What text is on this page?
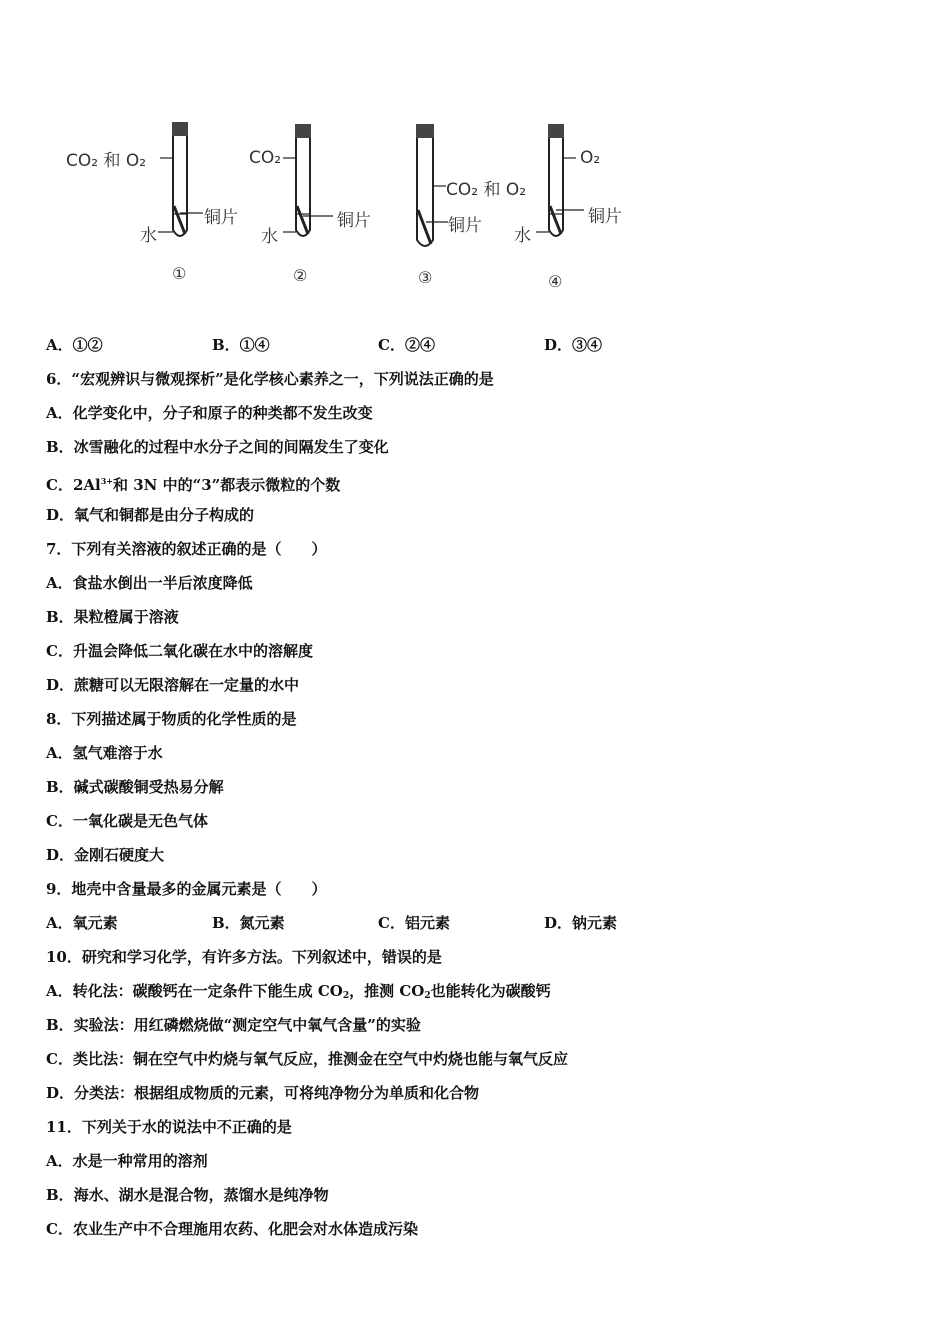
CO₂ 和 O₂
铜片
水
①
CO₂
铜片
水
②
CO₂ 和 O₂
铜片
③
O₂
铜片
水
④
A．①②	B．①④	C．②④	D．③④
6．“宏观辨识与微观探析”是化学核心素养之一，下列说法正确的是
A．化学变化中，分子和原子的种类都不发生改变
B．冰雪融化的过程中水分子之间的间隔发生了变化
C．$2Al^{3+}$和 3N 中的“3”都表示微粒的个数
D．氧气和铜都是由分子构成的
7．下列有关溶液的叙述正确的是（　　）
A．食盐水倒出一半后浓度降低
B．果粒橙属于溶液
C．升温会降低二氧化碳在水中的溶解度
D．蔗糖可以无限溶解在一定量的水中
8．下列描述属于物质的化学性质的是
A．氢气难溶于水
B．碱式碳酸铜受热易分解
C．一氧化碳是无色气体
D．金刚石硬度大
9．地壳中含量最多的金属元素是（　　）
A．氧元素	B．氮元素	C．铝元素	D．钠元素
10．研究和学习化学，有许多方法。下列叙述中，错误的是
A．转化法：碳酸钙在一定条件下能生成 $CO_2$，推测 $CO_2$也能转化为碳酸钙
B．实验法：用红磷燃烧做“测定空气中氧气含量”的实验
C．类比法：铜在空气中灼烧与氧气反应，推测金在空气中灼烧也能与氧气反应
D．分类法：根据组成物质的元素，可将纯净物分为单质和化合物
11．下列关于水的说法中不正确的是
A．水是一种常用的溶剂
B．海水、湖水是混合物，蒸馏水是纯净物
C．农业生产中不合理施用农药、化肥会对水体造成污染
